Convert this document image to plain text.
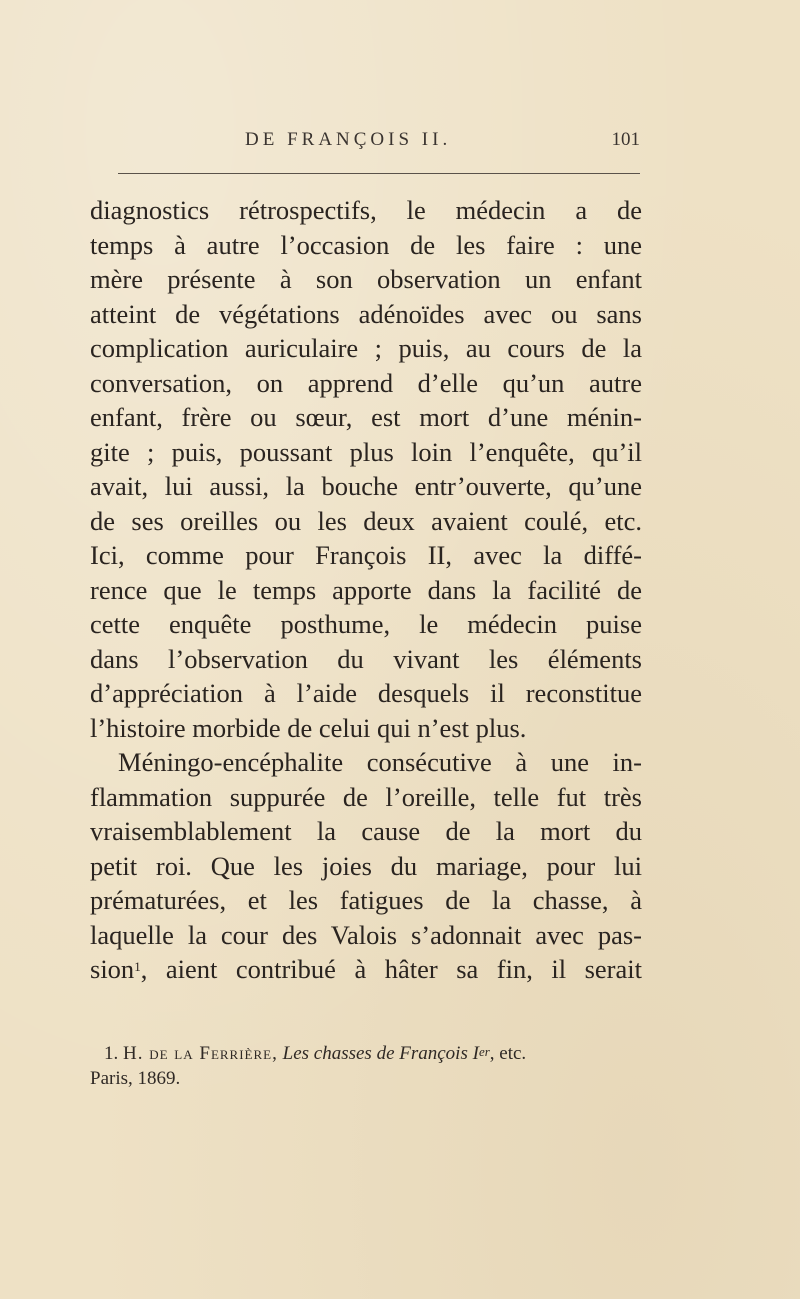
DE FRANÇOIS II.	101
diagnostics rétrospectifs, le médecin a de
temps à autre l’occasion de les faire : une
mère présente à son observation un enfant
atteint de végétations adénoïdes avec ou sans
complication auriculaire ; puis, au cours de la
conversation, on apprend d’elle qu’un autre
enfant, frère ou sœur, est mort d’une ménin-
gite ; puis, poussant plus loin l’enquête, qu’il
avait, lui aussi, la bouche entr’ouverte, qu’une
de ses oreilles ou les deux avaient coulé, etc.
Ici, comme pour François II, avec la diffé-
rence que le temps apporte dans la facilité de
cette enquête posthume, le médecin puise
dans l’observation du vivant les éléments
d’appréciation à l’aide desquels il reconstitue
l’histoire morbide de celui qui n’est plus.
Méningo-encéphalite consécutive à une in-
flammation suppurée de l’oreille, telle fut très
vraisemblablement la cause de la mort du
petit roi. Que les joies du mariage, pour lui
prématurées, et les fatigues de la chasse, à
laquelle la cour des Valois s’adonnait avec pas-
sion$^1$, aient contribué à hâter sa fin, il serait
1. H. de la Ferrière, Les chasses de François Ier, etc.
Paris, 1869.
